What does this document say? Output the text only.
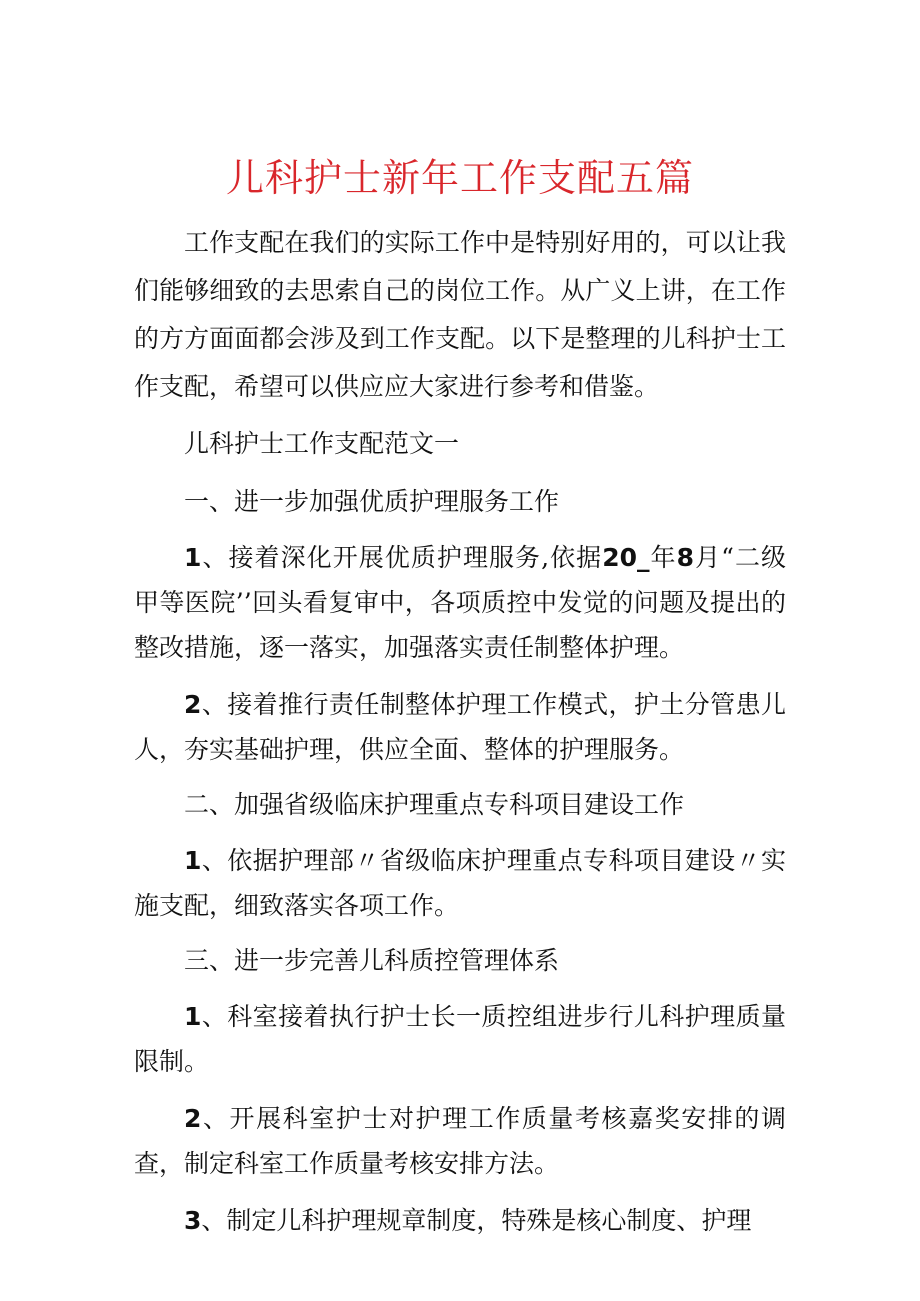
儿科护士新年工作支配五篇

工作支配在我们的实际工作中是特别好用的，可以让我们能够细致的去思索自己的岗位工作。从广义上讲，在工作的方方面面都会涉及到工作支配。以下是整理的儿科护士工作支配，希望可以供应应大家进行参考和借鉴。

儿科护士工作支配范文一

一、进一步加强优质护理服务工作

1、接着深化开展优质护理服务,依据20_年8月“二级甲等医院’’回头看复审中，各项质控中发觉的问题及提出的整改措施，逐一落实，加强落实责任制整体护理。

2、接着推行责任制整体护理工作模式，护土分管患儿人，夯实基础护理，供应全面、整体的护理服务。

二、加强省级临床护理重点专科项目建设工作

1、依据护理部〃省级临床护理重点专科项目建设〃实施支配，细致落实各项工作。

三、进一步完善儿科质控管理体系

1、科室接着执行护士长一质控组进步行儿科护理质量限制。

2、开展科室护士对护理工作质量考核嘉奖安排的调查，制定科室工作质量考核安排方法。

3、制定儿科护理规章制度，特殊是核心制度、护理
